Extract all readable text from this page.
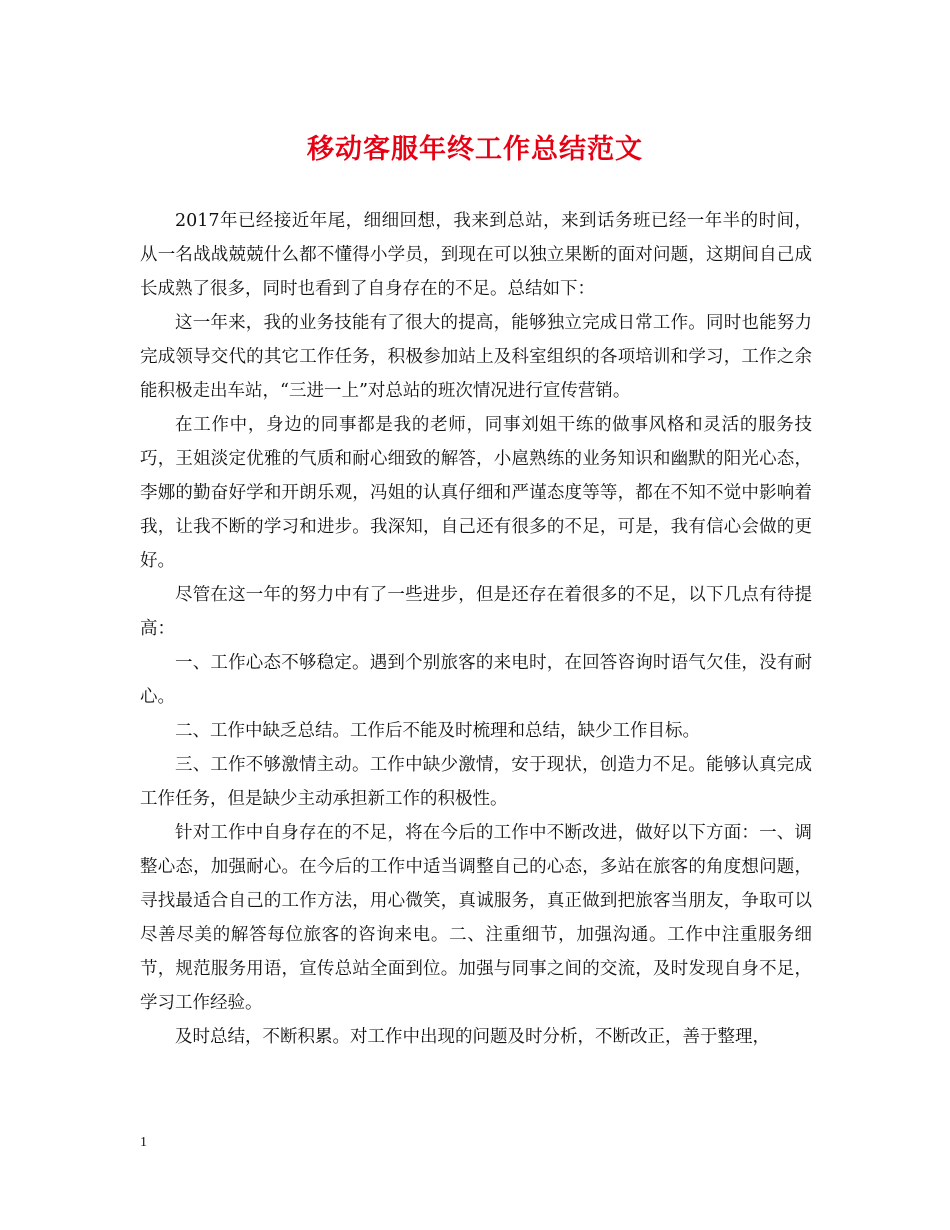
移动客服年终工作总结范文

2017年已经接近年尾，细细回想，我来到总站，来到话务班已经一年半的时间，从一名战战兢兢什么都不懂得小学员，到现在可以独立果断的面对问题，这期间自己成长成熟了很多，同时也看到了自身存在的不足。总结如下：

这一年来，我的业务技能有了很大的提高，能够独立完成日常工作。同时也能努力完成领导交代的其它工作任务，积极参加站上及科室组织的各项培训和学习，工作之余能积极走出车站，“三进一上”对总站的班次情况进行宣传营销。

在工作中，身边的同事都是我的老师，同事刘姐干练的做事风格和灵活的服务技巧，王姐淡定优雅的气质和耐心细致的解答，小扈熟练的业务知识和幽默的阳光心态，李娜的勤奋好学和开朗乐观，冯姐的认真仔细和严谨态度等等，都在不知不觉中影响着我，让我不断的学习和进步。我深知，自己还有很多的不足，可是，我有信心会做的更好。

尽管在这一年的努力中有了一些进步，但是还存在着很多的不足，以下几点有待提高：

一、工作心态不够稳定。遇到个别旅客的来电时，在回答咨询时语气欠佳，没有耐心。

二、工作中缺乏总结。工作后不能及时梳理和总结，缺少工作目标。

三、工作不够激情主动。工作中缺少激情，安于现状，创造力不足。能够认真完成工作任务，但是缺少主动承担新工作的积极性。

针对工作中自身存在的不足，将在今后的工作中不断改进，做好以下方面：一、调整心态，加强耐心。在今后的工作中适当调整自己的心态，多站在旅客的角度想问题，寻找最适合自己的工作方法，用心微笑，真诚服务，真正做到把旅客当朋友，争取可以尽善尽美的解答每位旅客的咨询来电。二、注重细节，加强沟通。工作中注重服务细节，规范服务用语，宣传总站全面到位。加强与同事之间的交流，及时发现自身不足，学习工作经验。

及时总结，不断积累。对工作中出现的问题及时分析，不断改正，善于整理，

1
